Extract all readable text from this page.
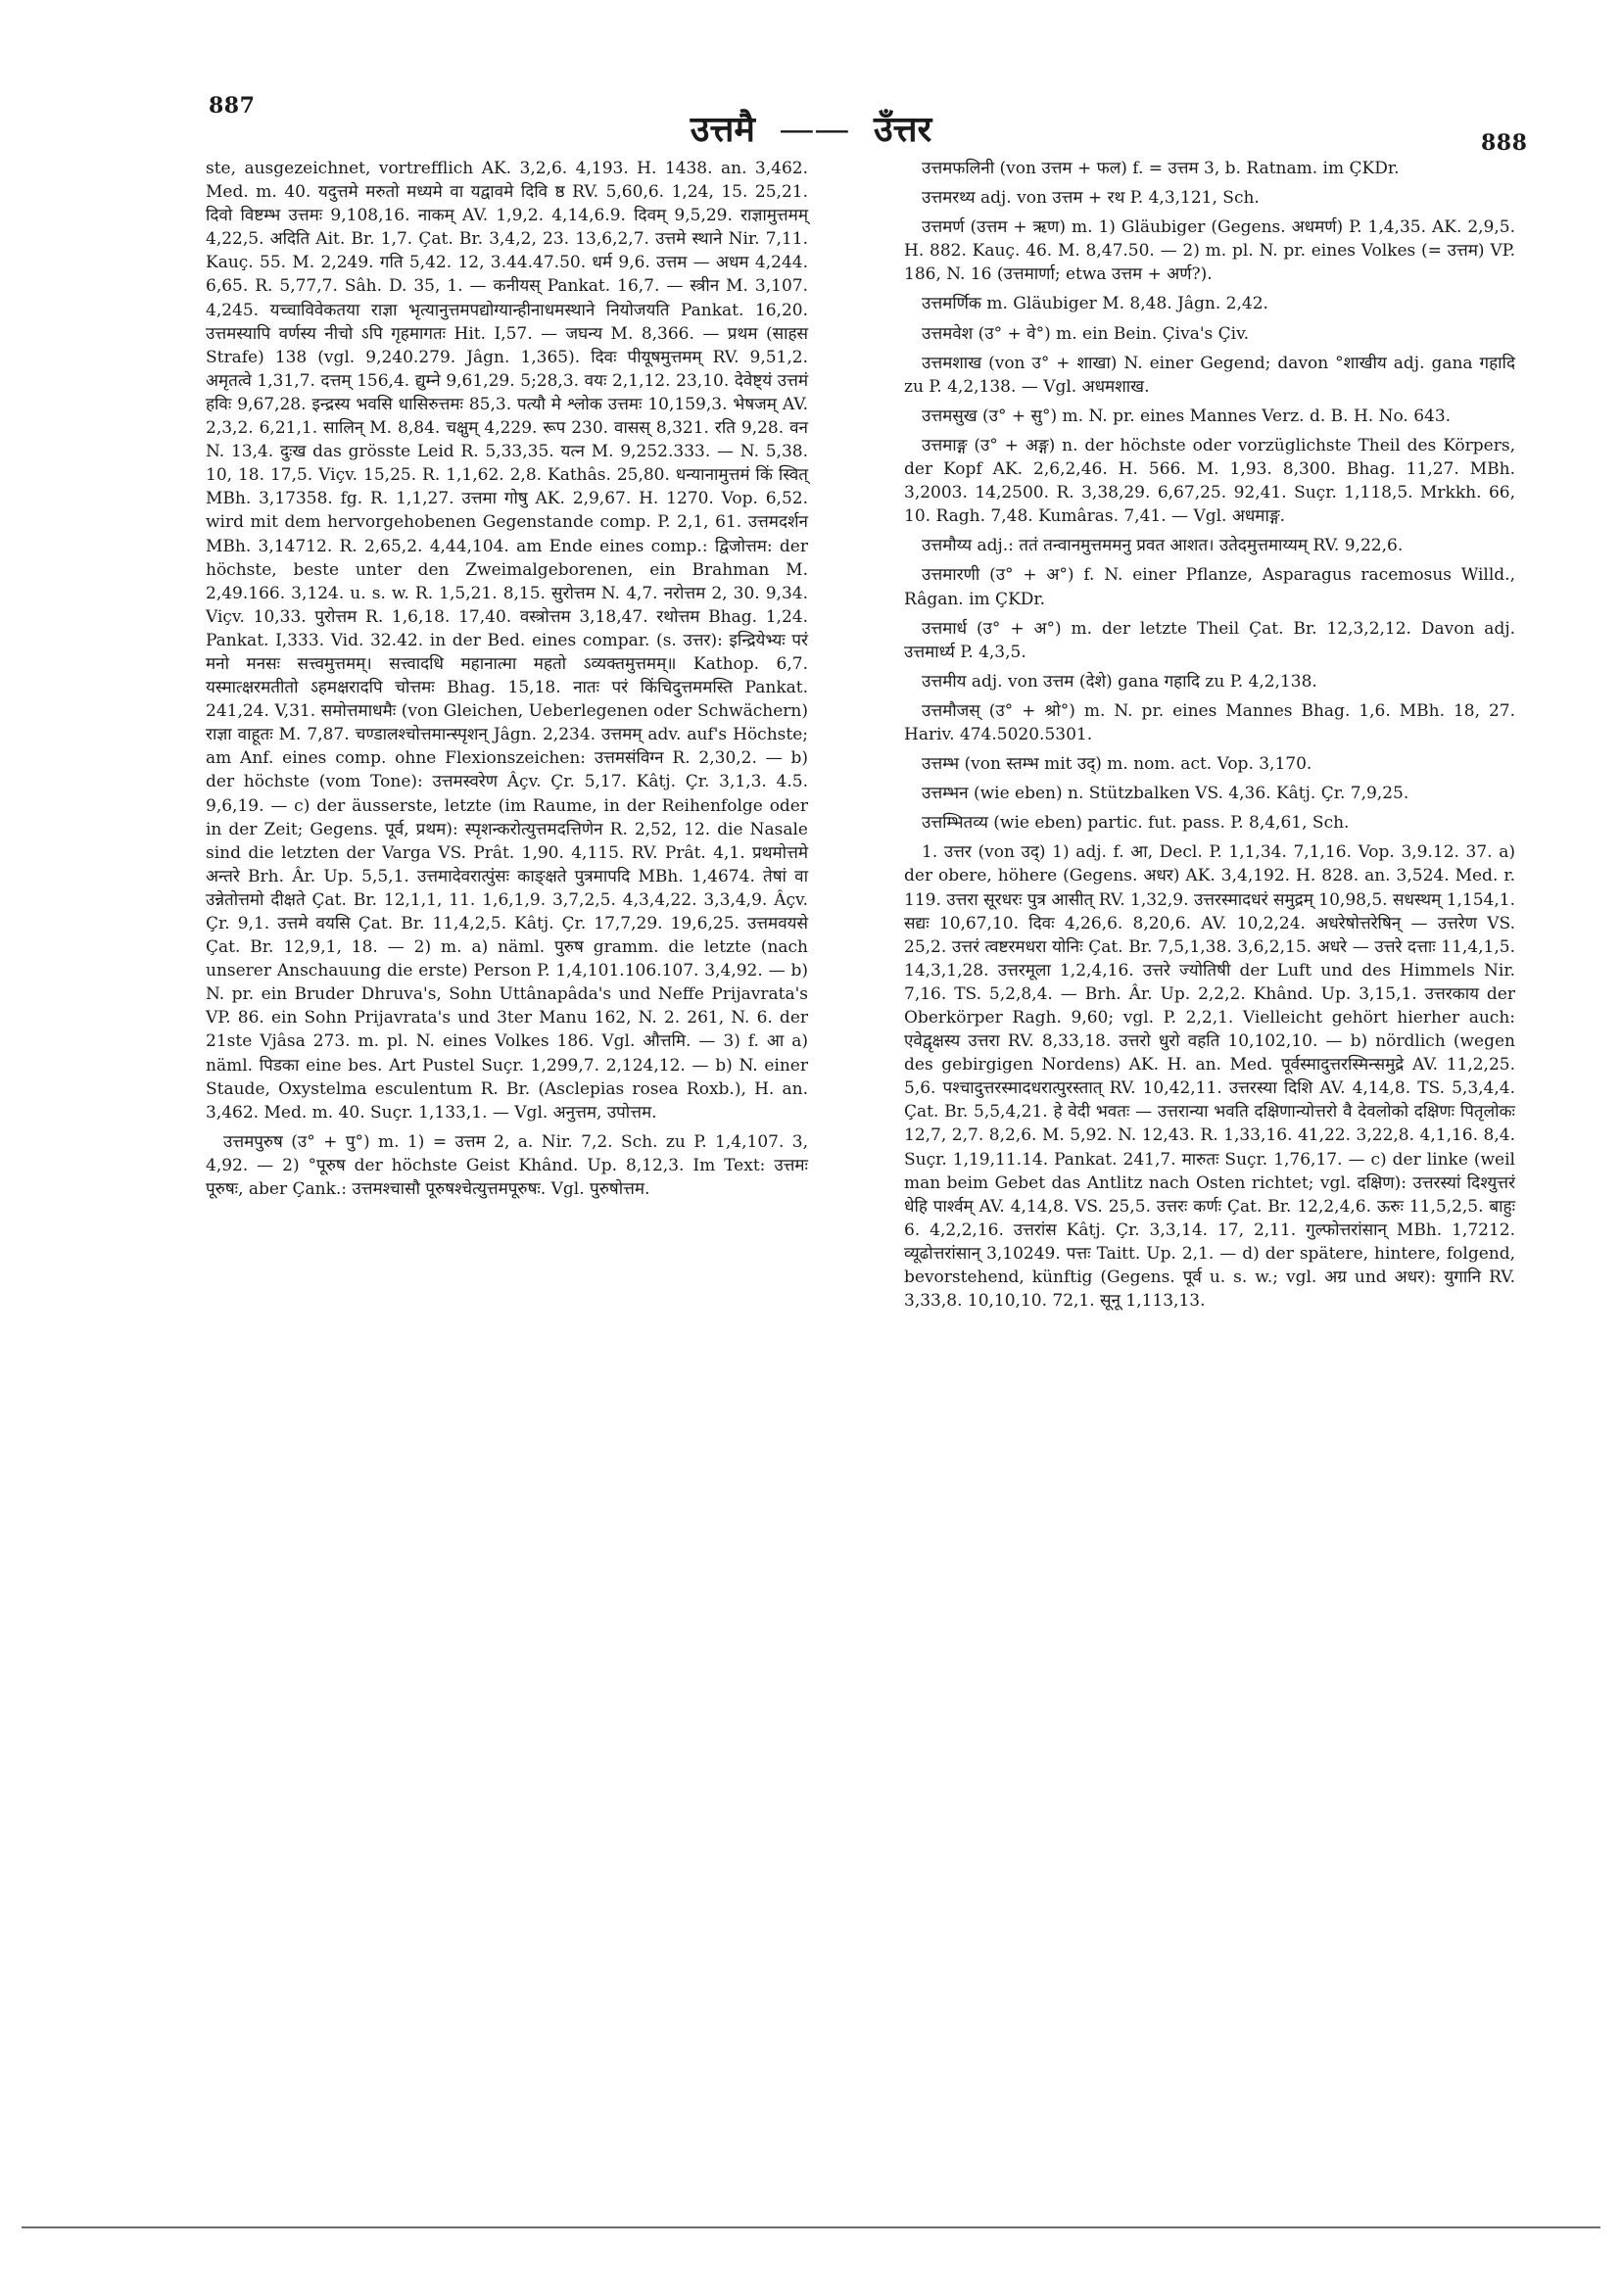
887
888
उत्तमै —— उँत्तर

ste, ausgezeichnet, vortrefflich AK. 3,2,6. 4,193. H. 1438. an. 3,462. Med. m. 40. यदुत्तमे मरुतो मध्यमे वा यद्वावमे दिवि ष्ठ RV. 5,60,6. 1,24, 15. 25,21. दिवो विष्टम्भ उत्तमः 9,108,16. नाकम् AV. 1,9,2. 4,14,6.9. दिवम् 9,5,29. राज्ञामुत्तमम् 4,22,5. अदिति Ait. Br. 1,7. Çat. Br. 3,4,2, 23. 13,6,2,7. उत्तमे स्थाने Nir. 7,11. Kauç. 55. M. 2,249. गति 5,42. 12, 3.44.47.50. धर्म 9,6. उत्तम — अधम 4,244. 6,65. R. 5,77,7. Sâh. D. 35, 1. — कनीयस् Pankat. 16,7. — स्त्रीन M. 3,107. 4,245. यच्चाविवेकतया राज्ञा भृत्यानुत्तमपद्योग्यान्हीनाधमस्थाने नियोजयति Pankat. 16,20. उत्तमस्यापि वर्णस्य नीचो ऽपि गृहमागतः Hit. I,57. — जघन्य M. 8,366. — प्रथम (साहस Strafe) 138 (vgl. 9,240.279. Jâgn. 1,365). दिवः पीयूषमुत्तमम् RV. 9,51,2. अमृतत्वे 1,31,7. दत्तम् 156,4. द्युम्ने 9,61,29. 5;28,3. वयः 2,1,12. 23,10. देवेष्ट्यं उत्तमं हविः 9,67,28. इन्द्रस्य भवसि धासिरुत्तमः 85,3. पत्यौ मे श्लोक उत्तमः 10,159,3. भेषजम् AV. 2,3,2. 6,21,1. सालिन् M. 8,84. चक्षुम् 4,229. रूप 230. वासस् 8,321. रति 9,28. वन N. 13,4. दुःख das grösste Leid R. 5,33,35. यत्न M. 9,252.333. — N. 5,38. 10, 18. 17,5. Viçv. 15,25. R. 1,1,62. 2,8. Kathâs. 25,80. धन्यानामुत्तमं किं स्वित् MBh. 3,17358. fg. R. 1,1,27. उत्तमा गोषु AK. 2,9,67. H. 1270. Vop. 6,52. wird mit dem hervorgehobenen Gegenstande comp. P. 2,1, 61. उत्तमदर्शन MBh. 3,14712. R. 2,65,2. 4,44,104. am Ende eines comp.: द्विजोत्तम: der höchste, beste unter den Zweimalgeborenen, ein Brahman M. 2,49.166. 3,124. u. s. w. R. 1,5,21. 8,15. सुरोत्तम N. 4,7. नरोत्तम 2, 30. 9,34. Viçv. 10,33. पुरोत्तम R. 1,6,18. 17,40. वस्त्रोत्तम 3,18,47. रथोत्तम Bhag. 1,24. Pankat. I,333. Vid. 32.42. in der Bed. eines compar. (s. उत्तर): इन्द्रियेभ्यः परं मनो मनसः सत्त्वमुत्तमम्। सत्त्वादधि महानात्मा महतो ऽव्यक्तमुत्तमम्॥ Kathop. 6,7. यस्मात्क्षरमतीतो ऽहमक्षरादपि चोत्तमः Bhag. 15,18. नातः परं किंचिदुत्तममस्ति Pankat. 241,24. V,31. समोत्तमाधमैः (von Gleichen, Ueberlegenen oder Schwächern) राज्ञा वाहूतः M. 7,87. चण्डालश्चोत्तमान्स्पृशन् Jâgn. 2,234. उत्तमम् adv. auf's Höchste; am Anf. eines comp. ohne Flexionszeichen: उत्तमसंविग्न R. 2,30,2. — b) der höchste (vom Tone): उत्तमस्वरेण Âçv. Çr. 5,17. Kâtj. Çr. 3,1,3. 4.5. 9,6,19. — c) der äusserste, letzte (im Raume, in der Reihenfolge oder in der Zeit; Gegens. पूर्व, प्रथम): स्पृशन्करोत्युत्तमदत्तिणेन R. 2,52, 12. die Nasale sind die letzten der Varga VS. Prât. 1,90. 4,115. RV. Prât. 4,1. प्रथमोत्तमे अन्तरे Brh. Âr. Up. 5,5,1. उत्तमादेवरात्पुंसः काङ्क्षते पुत्रमापदि MBh. 1,4674. तेषां वा उन्नेतोत्तमो दीक्षते Çat. Br. 12,1,1, 11. 1,6,1,9. 3,7,2,5. 4,3,4,22. 3,3,4,9. Âçv. Çr. 9,1. उत्तमे वयसि Çat. Br. 11,4,2,5. Kâtj. Çr. 17,7,29. 19,6,25. उत्तमवयसे Çat. Br. 12,9,1, 18. — 2) m. a) näml. पुरुष gramm. die letzte (nach unserer Anschauung die erste) Person P. 1,4,101.106.107. 3,4,92. — b) N. pr. ein Bruder Dhruva's, Sohn Uttânapâda's und Neffe Prijavrata's VP. 86. ein Sohn Prijavrata's und 3ter Manu 162, N. 2. 261, N. 6. der 21ste Vjâsa 273. m. pl. N. eines Volkes 186. Vgl. औत्तमि. — 3) f. आ a) näml. पिडका eine bes. Art Pustel Suçr. 1,299,7. 2,124,12. — b) N. einer Staude, Oxystelma esculentum R. Br. (Asclepias rosea Roxb.), H. an. 3,462. Med. m. 40. Suçr. 1,133,1. — Vgl. अनुत्तम, उपोत्तम.

उत्तमपुरुष (उ° + पु°) m. 1) = उत्तम 2, a. Nir. 7,2. Sch. zu P. 1,4,107. 3, 4,92. — 2) °पूरुष der höchste Geist Khând. Up. 8,12,3. Im Text: उत्तमः पूरुषः, aber Çank.: उत्तमश्चासौ पूरुषश्चेत्युत्तमपूरुषः. Vgl. पुरुषोत्तम.

उत्तमफलिनी (von उत्तम + फल) f. = उत्तम 3, b. Ratnam. im ÇKDr.

उत्तमरथ्य adj. von उत्तम + रथ P. 4,3,121, Sch.

उत्तमर्ण (उत्तम + ऋण) m. 1) Gläubiger (Gegens. अधमर्ण) P. 1,4,35. AK. 2,9,5. H. 882. Kauç. 46. M. 8,47.50. — 2) m. pl. N. pr. eines Volkes (= उत्तम) VP. 186, N. 16 (उत्तमार्णा; etwa उत्तम + अर्ण?).

उत्तमर्णिक m. Gläubiger M. 8,48. Jâgn. 2,42.

उत्तमवेश (उ° + वे°) m. ein Bein. Çiva's Çiv.

उत्तमशाख (von उ° + शाखा) N. einer Gegend; davon °शाखीय adj. gana गहादि zu P. 4,2,138. — Vgl. अधमशाख.

उत्तमसुख (उ° + सु°) m. N. pr. eines Mannes Verz. d. B. H. No. 643.

उत्तमाङ्ग (उ° + अङ्ग) n. der höchste oder vorzüglichste Theil des Körpers, der Kopf AK. 2,6,2,46. H. 566. M. 1,93. 8,300. Bhag. 11,27. MBh. 3,2003. 14,2500. R. 3,38,29. 6,67,25. 92,41. Suçr. 1,118,5. Mrkkh. 66, 10. Ragh. 7,48. Kumâras. 7,41. — Vgl. अधमाङ्ग.

उत्तमौय्य adj.: ततं तन्वानमुत्तममनु प्रवत आशत। उतेदमुत्तमाय्यम् RV. 9,22,6.

उत्तमारणी (उ° + अ°) f. N. einer Pflanze, Asparagus racemosus Willd., Râgan. im ÇKDr.

उत्तमार्ध (उ° + अ°) m. der letzte Theil Çat. Br. 12,3,2,12. Davon adj. उत्तमार्ध्य P. 4,3,5.

उत्तमीय adj. von उत्तम (देशे) gana गहादि zu P. 4,2,138.

उत्तमौजस् (उ° + श्रो°) m. N. pr. eines Mannes Bhag. 1,6. MBh. 18, 27. Hariv. 474.5020.5301.

उत्तम्भ (von स्तम्भ mit उद्) m. nom. act. Vop. 3,170.

उत्तम्भन (wie eben) n. Stützbalken VS. 4,36. Kâtj. Çr. 7,9,25.

उत्तम्भितव्य (wie eben) partic. fut. pass. P. 8,4,61, Sch.

1. उत्तर (von उद्) 1) adj. f. आ, Decl. P. 1,1,34. 7,1,16. Vop. 3,9.12. 37. a) der obere, höhere (Gegens. अधर) AK. 3,4,192. H. 828. an. 3,524. Med. r. 119. उत्तरा सूरधरः पुत्र आसीत् RV. 1,32,9. उत्तरस्मादधरं समुद्रम् 10,98,5. सधस्थम् 1,154,1. सद्यः 10,67,10. दिवः 4,26,6. 8,20,6. AV. 10,2,24. अधरेषोत्तरेषिन् — उत्तरेण VS. 25,2. उत्तरं त्वष्टरमधरा योनिः Çat. Br. 7,5,1,38. 3,6,2,15. अधरे — उत्तरे दत्ताः 11,4,1,5. 14,3,1,28. उत्तरमूला 1,2,4,16. उत्तरे ज्योतिषी der Luft und des Himmels Nir. 7,16. TS. 5,2,8,4. — Brh. Âr. Up. 2,2,2. Khând. Up. 3,15,1. उत्तरकाय der Oberkörper Ragh. 9,60; vgl. P. 2,2,1. Vielleicht gehört hierher auch: एवेद्वृक्षस्य उत्तरा RV. 8,33,18. उत्तरो धुरो वहति 10,102,10. — b) nördlich (wegen des gebirgigen Nordens) AK. H. an. Med. पूर्वस्मादुत्तरस्मिन्समुद्रे AV. 11,2,25. 5,6. पश्चादुत्तरस्मादधरात्पुरस्तात् RV. 10,42,11. उत्तरस्या दिशि AV. 4,14,8. TS. 5,3,4,4. Çat. Br. 5,5,4,21. हे वेदी भवतः — उत्तरान्या भवति दक्षिणान्योत्तरो वै देवलोको दक्षिणः पितृलोकः 12,7, 2,7. 8,2,6. M. 5,92. N. 12,43. R. 1,33,16. 41,22. 3,22,8. 4,1,16. 8,4. Suçr. 1,19,11.14. Pankat. 241,7. मारुतः Suçr. 1,76,17. — c) der linke (weil man beim Gebet das Antlitz nach Osten richtet; vgl. दक्षिण): उत्तरस्यां दिश्युत्तरं धेहि पार्श्वम् AV. 4,14,8. VS. 25,5. उत्तरः कर्णः Çat. Br. 12,2,4,6. ऊरुः 11,5,2,5. बाहुः 6. 4,2,2,16. उत्तरांस Kâtj. Çr. 3,3,14. 17, 2,11. गुल्फोत्तरांसान् MBh. 1,7212. व्यूढोत्तरांसान् 3,10249. पत्तः Taitt. Up. 2,1. — d) der spätere, hintere, folgend, bevorstehend, künftig (Gegens. पूर्व u. s. w.; vgl. अग्र und अधर): युगानि RV. 3,33,8. 10,10,10. 72,1. सूनू 1,113,13.
